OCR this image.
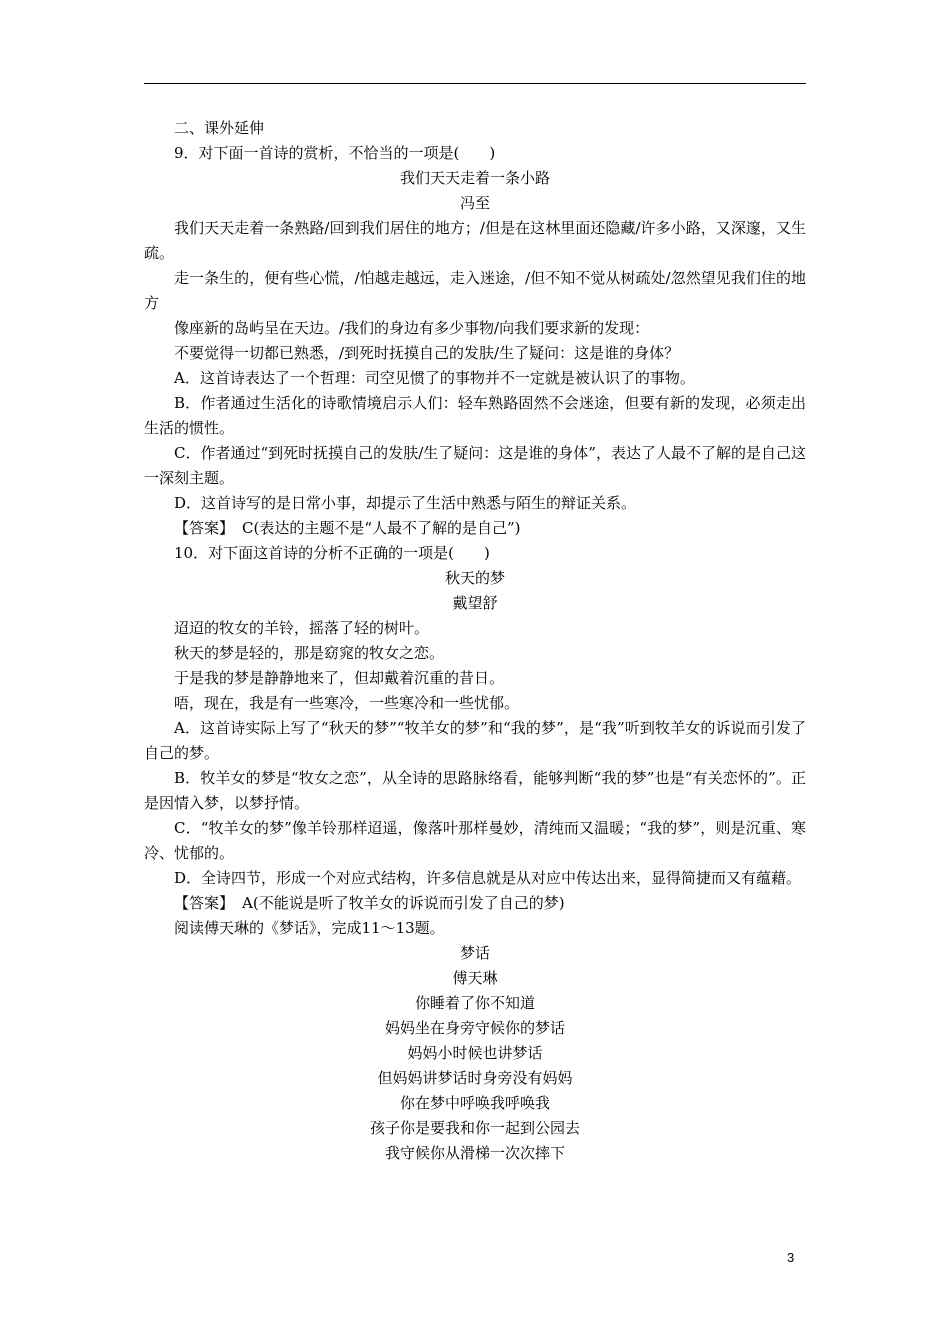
二、课外延伸

9．对下面一首诗的赏析，不恰当的一项是(　　)

我们天天走着一条小路

冯至

我们天天走着一条熟路/回到我们居住的地方；/但是在这林里面还隐藏/许多小路，又深邃，又生疏。

走一条生的，便有些心慌，/怕越走越远，走入迷途，/但不知不觉从树疏处/忽然望见我们住的地方

像座新的岛屿呈在天边。/我们的身边有多少事物/向我们要求新的发现：

不要觉得一切都已熟悉，/到死时抚摸自己的发肤/生了疑问：这是谁的身体？

A．这首诗表达了一个哲理：司空见惯了的事物并不一定就是被认识了的事物。

B．作者通过生活化的诗歌情境启示人们：轻车熟路固然不会迷途，但要有新的发现，必须走出生活的惯性。

C．作者通过“到死时抚摸自己的发肤/生了疑问：这是谁的身体”，表达了人最不了解的是自己这一深刻主题。

D．这首诗写的是日常小事，却提示了生活中熟悉与陌生的辩证关系。

【答案】 C(表达的主题不是“人最不了解的是自己”)

10．对下面这首诗的分析不正确的一项是(　　)

秋天的梦

戴望舒

迢迢的牧女的羊铃，摇落了轻的树叶。

秋天的梦是轻的，那是窈窕的牧女之恋。

于是我的梦是静静地来了，但却戴着沉重的昔日。

唔，现在，我是有一些寒冷，一些寒冷和一些忧郁。

A．这首诗实际上写了“秋天的梦”“牧羊女的梦”和“我的梦”，是“我”听到牧羊女的诉说而引发了自己的梦。

B．牧羊女的梦是“牧女之恋”，从全诗的思路脉络看，能够判断“我的梦”也是“有关恋怀的”。正是因情入梦，以梦抒情。

C．“牧羊女的梦”像羊铃那样迢遥，像落叶那样曼妙，清纯而又温暖；“我的梦”，则是沉重、寒冷、忧郁的。

D．全诗四节，形成一个对应式结构，许多信息就是从对应中传达出来，显得简捷而又有蕴藉。

【答案】 A(不能说是听了牧羊女的诉说而引发了自己的梦)

阅读傅天琳的《梦话》，完成11～13题。

梦话

傅天琳

你睡着了你不知道

妈妈坐在身旁守候你的梦话

妈妈小时候也讲梦话

但妈妈讲梦话时身旁没有妈妈

你在梦中呼唤我呼唤我

孩子你是要我和你一起到公园去

我守候你从滑梯一次次摔下

3
